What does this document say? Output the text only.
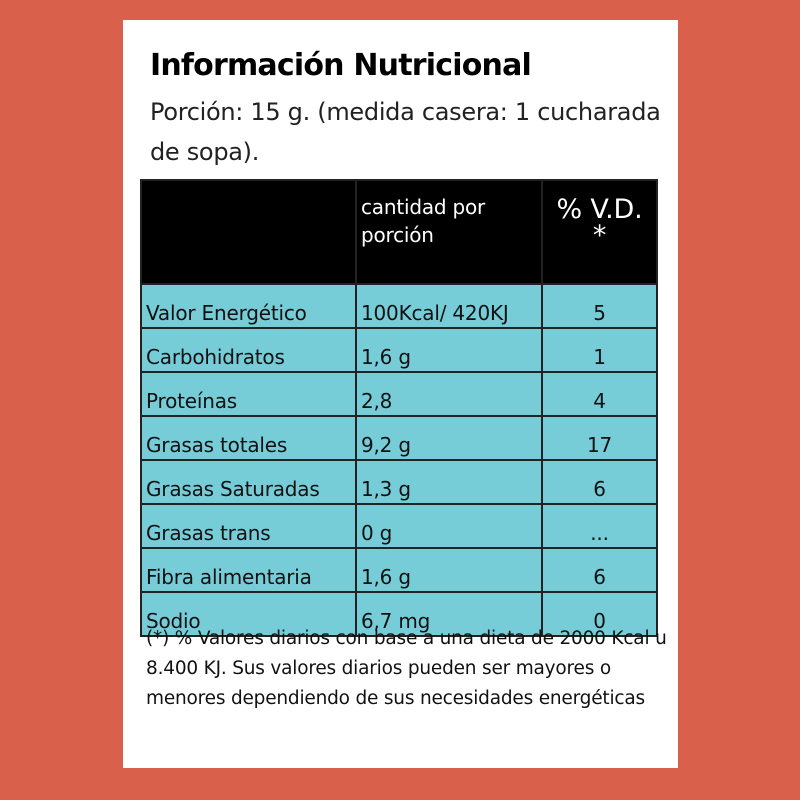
Información Nutricional
Porción: 15 g. (medida casera: 1 cucharada de sopa).
	cantidad por porción	% V.D. *
Valor Energético	100Kcal/ 420KJ	5
Carbohidratos	1,6 g	1
Proteínas	2,8	4
Grasas totales	9,2 g	17
Grasas Saturadas	1,3 g	6
Grasas trans	0 g	...
Fibra alimentaria	1,6 g	6
Sodio	6,7 mg	0
(*) % Valores diarios con base a una dieta de 2000 Kcal u 8.400 KJ. Sus valores diarios pueden ser mayores o menores dependiendo de sus necesidades energéticas
